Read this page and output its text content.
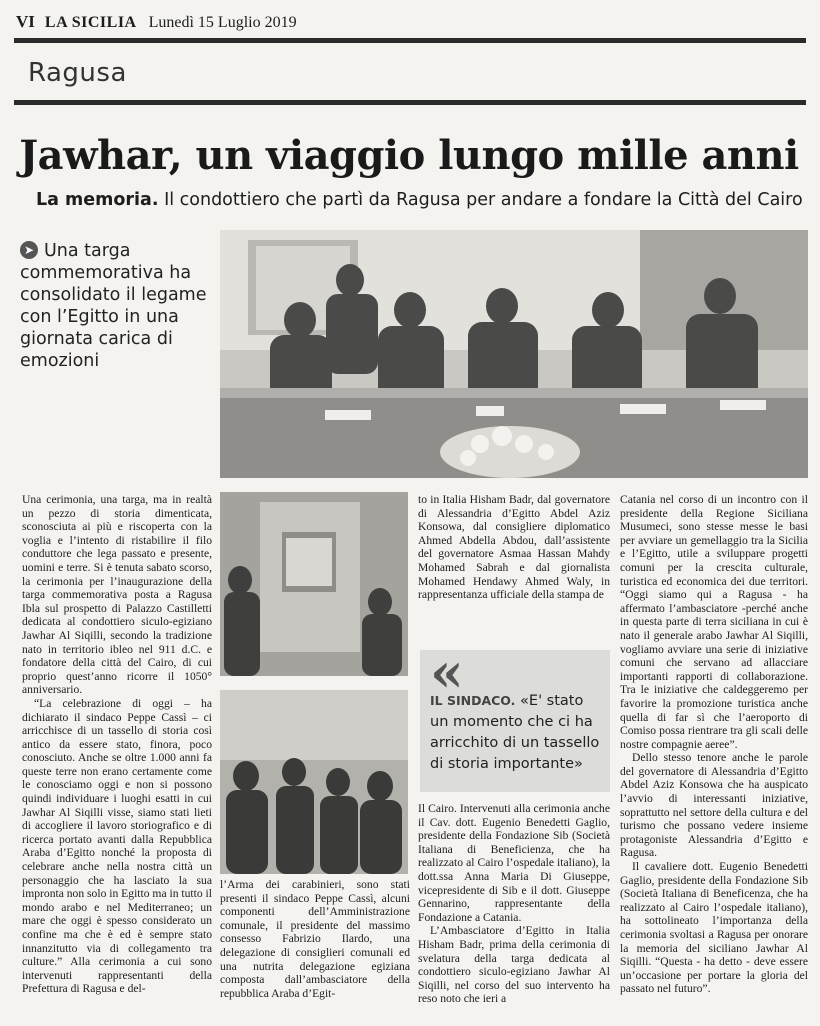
VI LA SICILIA Lunedì 15 Luglio 2019
Ragusa
Jawhar, un viaggio lungo mille anni
La memoria. Il condottiero che partì da Ragusa per andare a fondare la Città del Cairo
➤ Una targa commemorativa ha consolidato il legame con l’Egitto in una giornata carica di emozioni

Una cerimonia, una targa, ma in realtà un pezzo di storia dimenticata, sconosciuta ai più e riscoperta con la voglia e l’intento di ristabilire il filo conduttore che lega passato e presente, uomini e terre. Si è tenuta sabato scorso, la cerimonia per l’inaugurazione della targa commemorativa posta a Ragusa Ibla sul prospetto di Palazzo Castilletti dedicata al condottiero siculo-egiziano Jawhar Al Siqilli, secondo la tradizione nato in territorio ibleo nel 911 d.C. e fondatore della città del Cairo, di cui proprio quest’anno ricorre il 1050° anniversario.

“La celebrazione di oggi – ha dichiarato il sindaco Peppe Cassì – ci arricchisce di un tassello di storia così antico da essere stato, finora, poco conosciuto. Anche se oltre 1.000 anni fa queste terre non erano certamente come le conosciamo oggi e non si possono quindi individuare i luoghi esatti in cui Jawhar Al Siqilli visse, siamo stati lieti di accogliere il lavoro storiografico e di ricerca portato avanti dalla Repubblica Araba d’Egitto nonché la proposta di celebrare anche nella nostra città un personaggio che ha lasciato la sua impronta non solo in Egitto ma in tutto il mondo arabo e nel Mediterraneo; un mare che oggi è spesso considerato un confine ma che è ed è sempre stato innanzitutto via di collegamento tra culture.” Alla cerimonia a cui sono intervenuti rappresentanti della Prefettura di Ragusa e del-

l’Arma dei carabinieri, sono stati presenti il sindaco Peppe Cassì, alcuni componenti dell’Amministrazione comunale, il presidente del massimo consesso Fabrizio Ilardo, una delegazione di consiglieri comunali ed una nutrita delegazione egiziana composta dall’ambasciatore della repubblica Araba d’Egit-

to in Italia Hisham Badr, dal governatore di Alessandria d’Egitto Abdel Aziz Konsowa, dal consigliere diplomatico Ahmed Abdella Abdou, dall’assistente del governatore Asmaa Hassan Mahdy Mohamed Sabrah e dal giornalista Mohamed Hendawy Ahmed Waly, in rappresentanza ufficiale della stampa de

«
IL SINDACO. «E' stato un momento che ci ha arricchito di un tassello di storia importante»

Il Cairo. Intervenuti alla cerimonia anche il Cav. dott. Eugenio Benedetti Gaglio, presidente della Fondazione Sib (Società Italiana di Beneficienza, che ha realizzato al Cairo l’ospedale italiano), la dott.ssa Anna Maria Di Giuseppe, vicepresidente di Sib e il dott. Giuseppe Gennarino, rappresentante della Fondazione a Catania.

L’Ambasciatore d’Egitto in Italia Hisham Badr, prima della cerimonia di svelatura della targa dedicata al condottiero siculo-egiziano Jawhar Al Siqilli, nel corso del suo intervento ha reso noto che ieri a

Catania nel corso di un incontro con il presidente della Regione Siciliana Musumeci, sono stesse messe le basi per avviare un gemellaggio tra la Sicilia e l’Egitto, utile a sviluppare progetti comuni per la crescita culturale, turistica ed economica dei due territori. “Oggi siamo qui a Ragusa - ha affermato l’ambasciatore -perché anche in questa parte di terra siciliana in cui è nato il generale arabo Jawhar Al Siqilli, vogliamo avviare una serie di iniziative comuni che servano ad allacciare importanti rapporti di collaborazione. Tra le iniziative che caldeggeremo per favorire la promozione turistica anche quella di far sì che l’aeroporto di Comiso possa rientrare tra gli scali delle nostre compagnie aeree”.

Dello stesso tenore anche le parole del governatore di Alessandria d’Egitto Abdel Aziz Konsowa che ha auspicato l’avvio di interessanti iniziative, soprattutto nel settore della cultura e del turismo che possano vedere insieme protagoniste Alessandria d’Egitto e Ragusa.

Il cavaliere dott. Eugenio Benedetti Gaglio, presidente della Fondazione Sib (Società Italiana di Beneficenza, che ha realizzato al Cairo l’ospedale italiano), ha sottolineato l’importanza della cerimonia svoltasi a Ragusa per onorare la memoria del siciliano Jawhar Al Siqilli. “Questa - ha detto - deve essere un’occasione per portare la gloria del passato nel futuro”.
